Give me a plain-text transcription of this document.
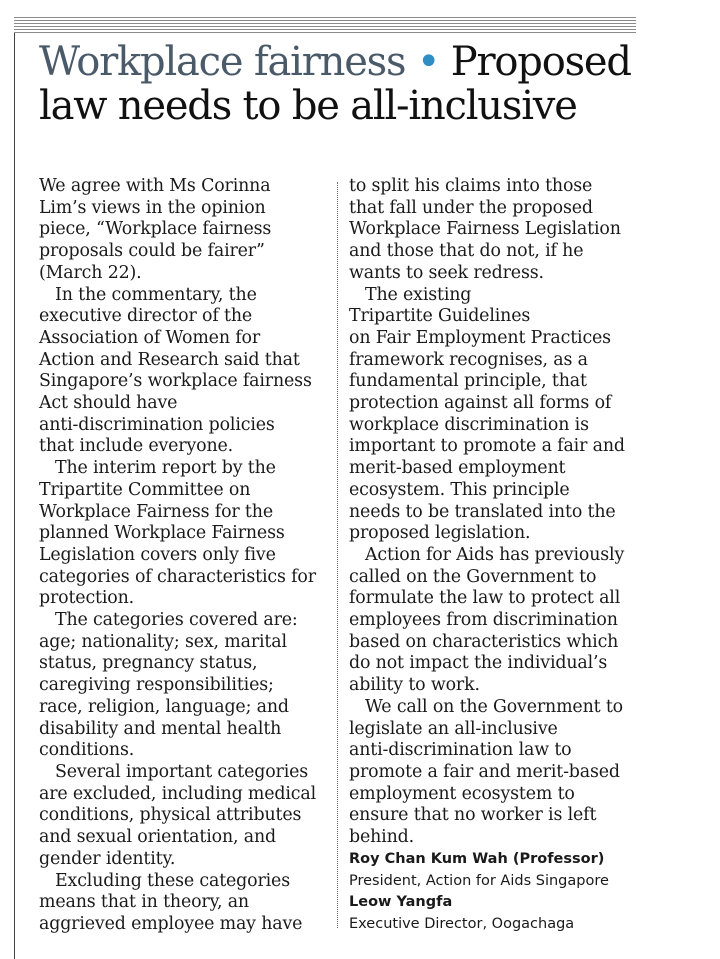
Workplace fairness • Proposed
law needs to be all-inclusive
We agree with Ms Corinna
Lim’s views in the opinion
piece, “Workplace fairness
proposals could be fairer”
(March 22).
In the commentary, the
executive director of the
Association of Women for
Action and Research said that
Singapore’s workplace fairness
Act should have
anti-discrimination policies
that include everyone.
The interim report by the
Tripartite Committee on
Workplace Fairness for the
planned Workplace Fairness
Legislation covers only five
categories of characteristics for
protection.
The categories covered are:
age; nationality; sex, marital
status, pregnancy status,
caregiving responsibilities;
race, religion, language; and
disability and mental health
conditions.
Several important categories
are excluded, including medical
conditions, physical attributes
and sexual orientation, and
gender identity.
Excluding these categories
means that in theory, an
aggrieved employee may have
to split his claims into those
that fall under the proposed
Workplace Fairness Legislation
and those that do not, if he
wants to seek redress.
The existing
Tripartite Guidelines
on Fair Employment Practices
framework recognises, as a
fundamental principle, that
protection against all forms of
workplace discrimination is
important to promote a fair and
merit-based employment
ecosystem. This principle
needs to be translated into the
proposed legislation.
Action for Aids has previously
called on the Government to
formulate the law to protect all
employees from discrimination
based on characteristics which
do not impact the individual’s
ability to work.
We call on the Government to
legislate an all-inclusive
anti-discrimination law to
promote a fair and merit-based
employment ecosystem to
ensure that no worker is left
behind.
Roy Chan Kum Wah (Professor)
President, Action for Aids Singapore
Leow Yangfa
Executive Director, Oogachaga
